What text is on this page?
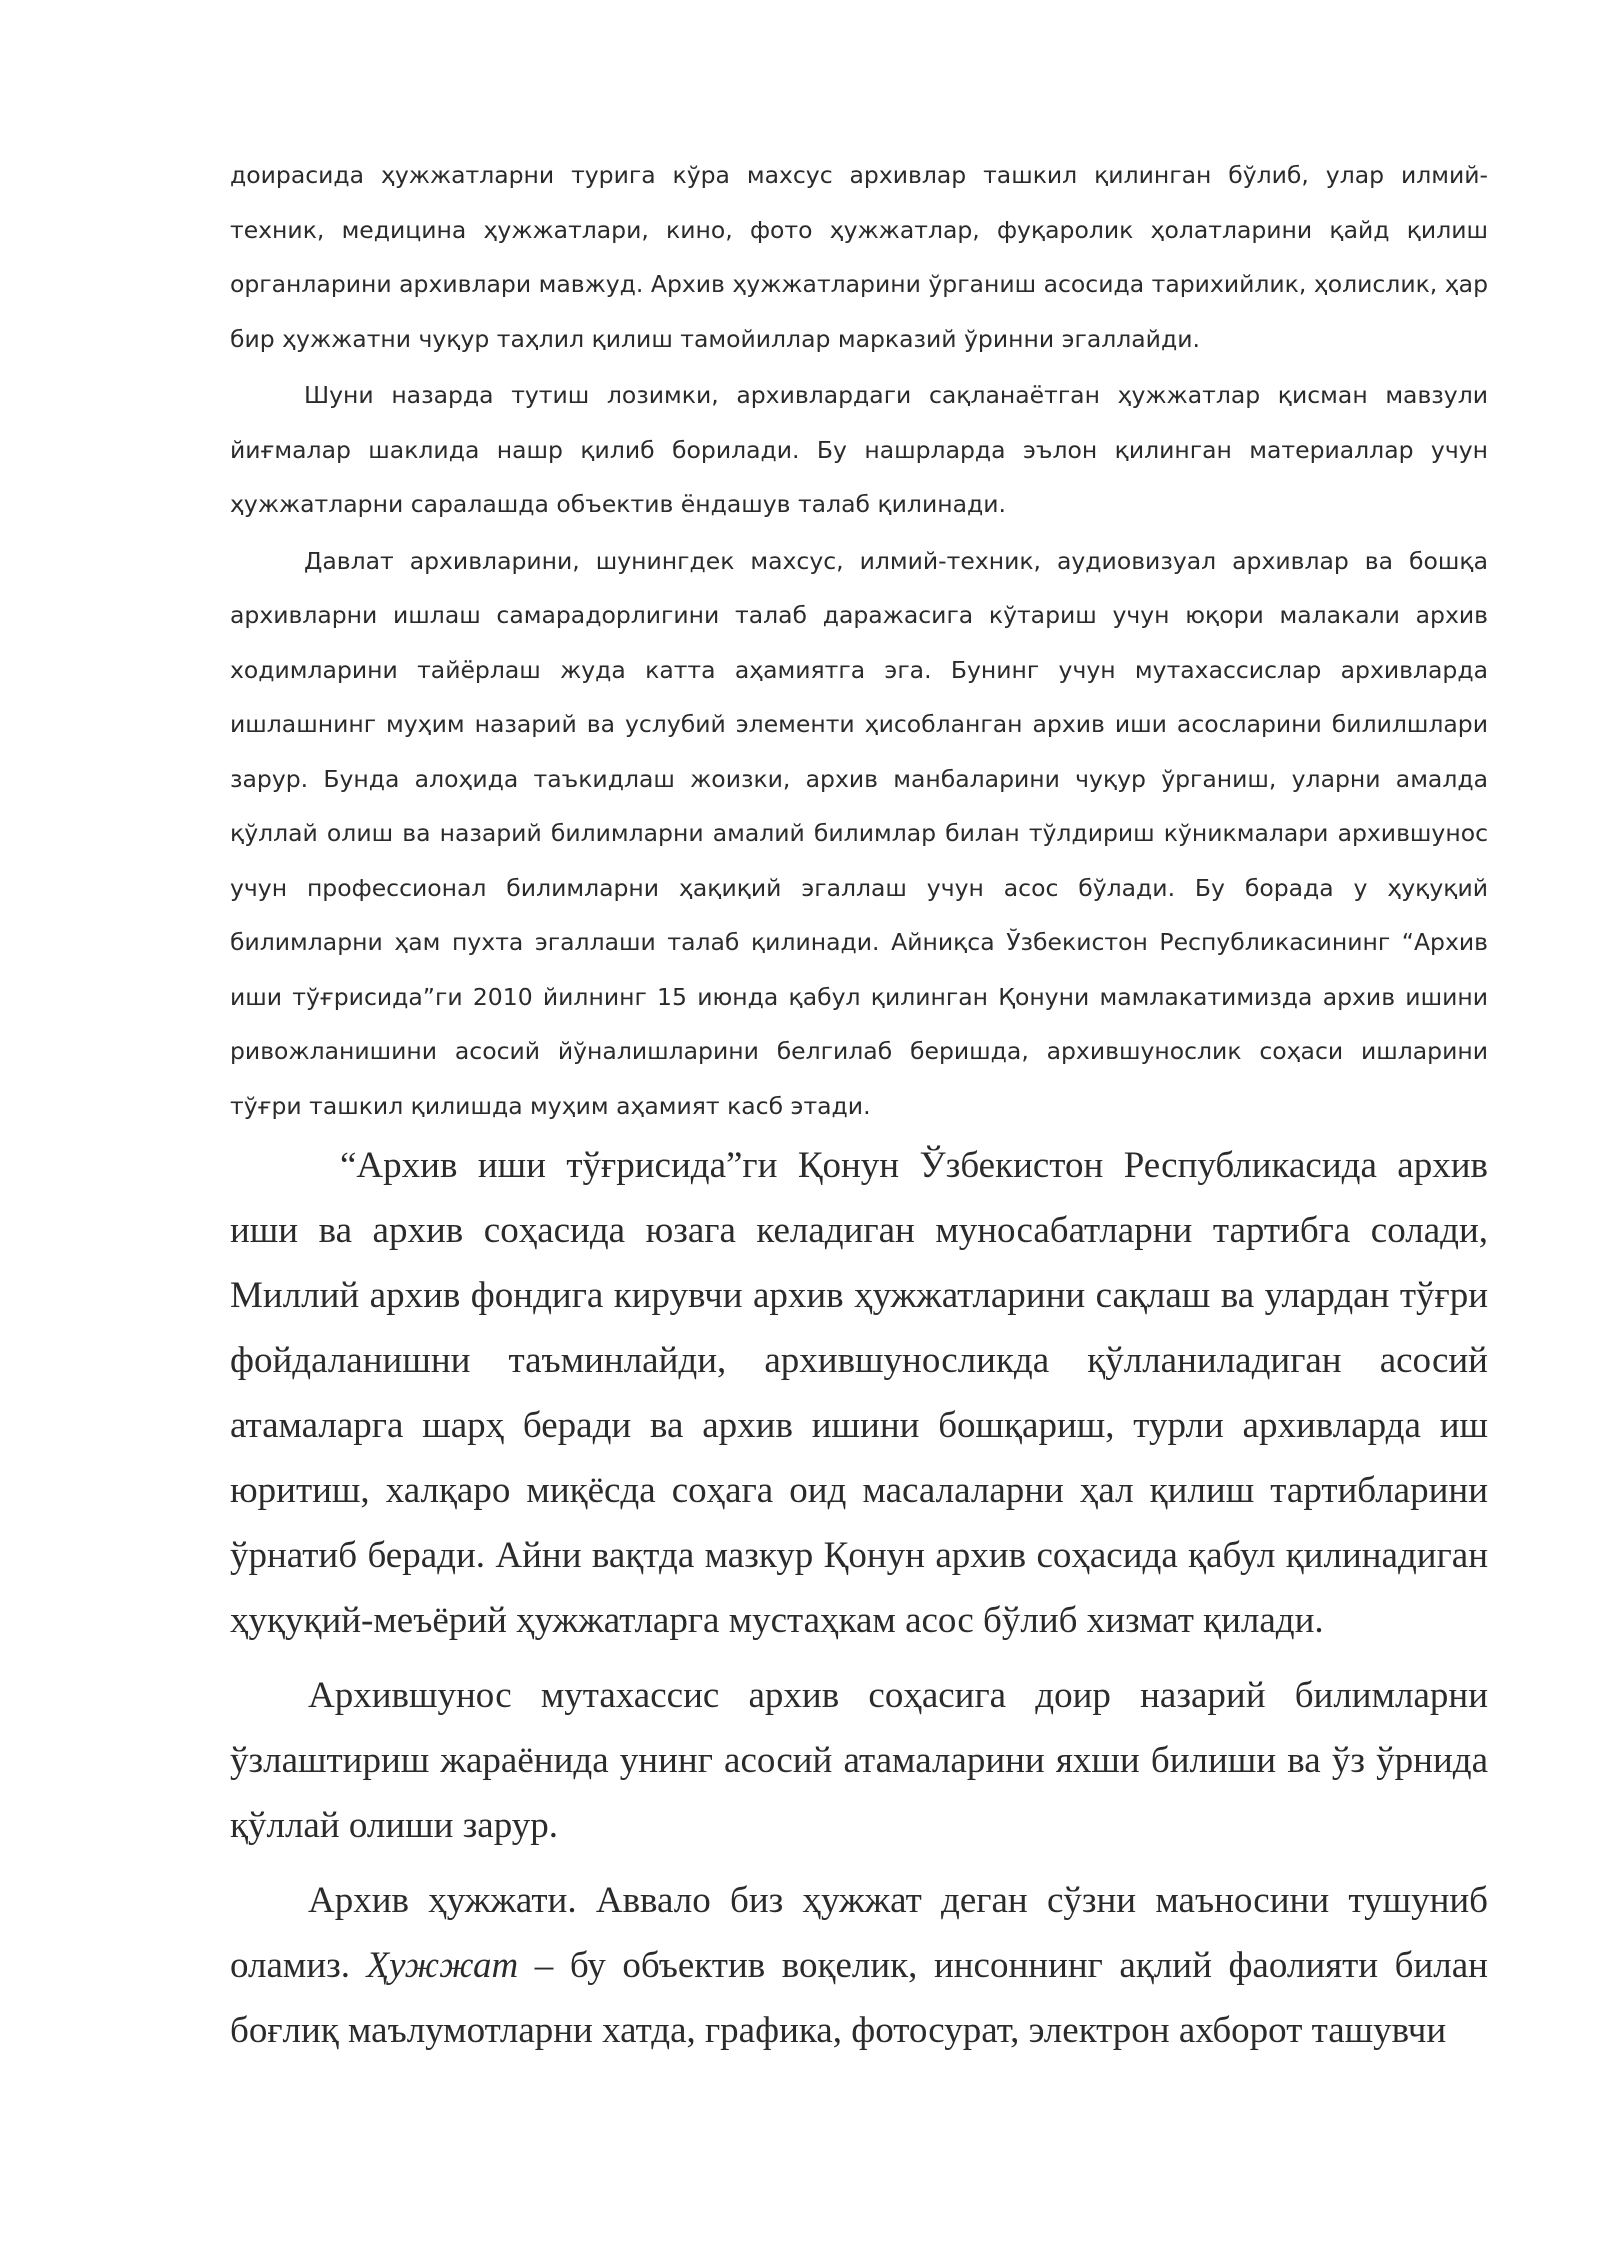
доирасида ҳужжатларни турига кўра махсус архивлар ташкил қилинган бўлиб, улар илмий-техник, медицина ҳужжатлари, кино, фото ҳужжатлар, фуқаролик ҳолатларини қайд қилиш органларини архивлари мавжуд. Архив ҳужжатларини ўрганиш асосида тарихийлик, ҳолислик, ҳар бир ҳужжатни чуқур таҳлил қилиш тамойиллар марказий ўринни эгаллайди.

Шуни назарда тутиш лозимки, архивлардаги сақланаётган ҳужжатлар қисман мавзули йиғмалар шаклида нашр қилиб борилади. Бу нашрларда эълон қилинган материаллар учун ҳужжатларни саралашда объектив ёндашув талаб қилинади.

Давлат архивларини, шунингдек махсус, илмий-техник, аудиовизуал архивлар ва бошқа архивларни ишлаш самарадорлигини талаб даражасига кўтариш учун юқори малакали архив ходимларини тайёрлаш жуда катта аҳамиятга эга. Бунинг учун мутахассислар архивларда ишлашнинг муҳим назарий ва услубий элементи ҳисобланган архив иши асосларини билилшлари зарур. Бунда алоҳида таъкидлаш жоизки, архив манбаларини чуқур ўрганиш, уларни амалда қўллай олиш ва назарий билимларни амалий билимлар билан тўлдириш кўникмалари архившунос учун профессионал билимларни ҳақиқий эгаллаш учун асос бўлади. Бу борада у ҳуқуқий билимларни ҳам пухта эгаллаши талаб қилинади. Айниқса Ўзбекистон Республикасининг “Архив иши тўғрисида”ги 2010 йилнинг 15 июнда қабул қилинган Қонуни мамлакатимизда архив ишини ривожланишини асосий йўналишларини белгилаб беришда, архившунослик соҳаси ишларини тўғри ташкил қилишда муҳим аҳамият касб этади.

“Архив иши тўғрисида”ги Қонун Ўзбекистон Республикасида архив иши ва архив соҳасида юзага келадиган муносабатларни тартибга солади, Миллий архив фондига кирувчи архив ҳужжатларини сақлаш ва улардан тўғри фойдаланишни таъминлайди, архившуносликда қўлланиладиган асосий атамаларга шарҳ беради ва архив ишини бошқариш, турли архивларда иш юритиш, халқаро миқёсда соҳага оид масалаларни ҳал қилиш тартибларини ўрнатиб беради. Айни вақтда мазкур Қонун архив соҳасида қабул қилинадиган ҳуқуқий-меъёрий ҳужжатларга мустаҳкам асос бўлиб хизмат қилади.

Архившунос мутахассис архив соҳасига доир назарий билимларни ўзлаштириш жараёнида унинг асосий атамаларини яхши билиши ва ўз ўрнида қўллай олиши зарур.

Архив ҳужжати. Аввало биз ҳужжат деган сўзни маъносини тушуниб оламиз. Ҳужжат – бу объектив воқелик, инсоннинг ақлий фаолияти билан боғлиқ маълумотларни хатда, графика, фотосурат, электрон ахборот ташувчи
